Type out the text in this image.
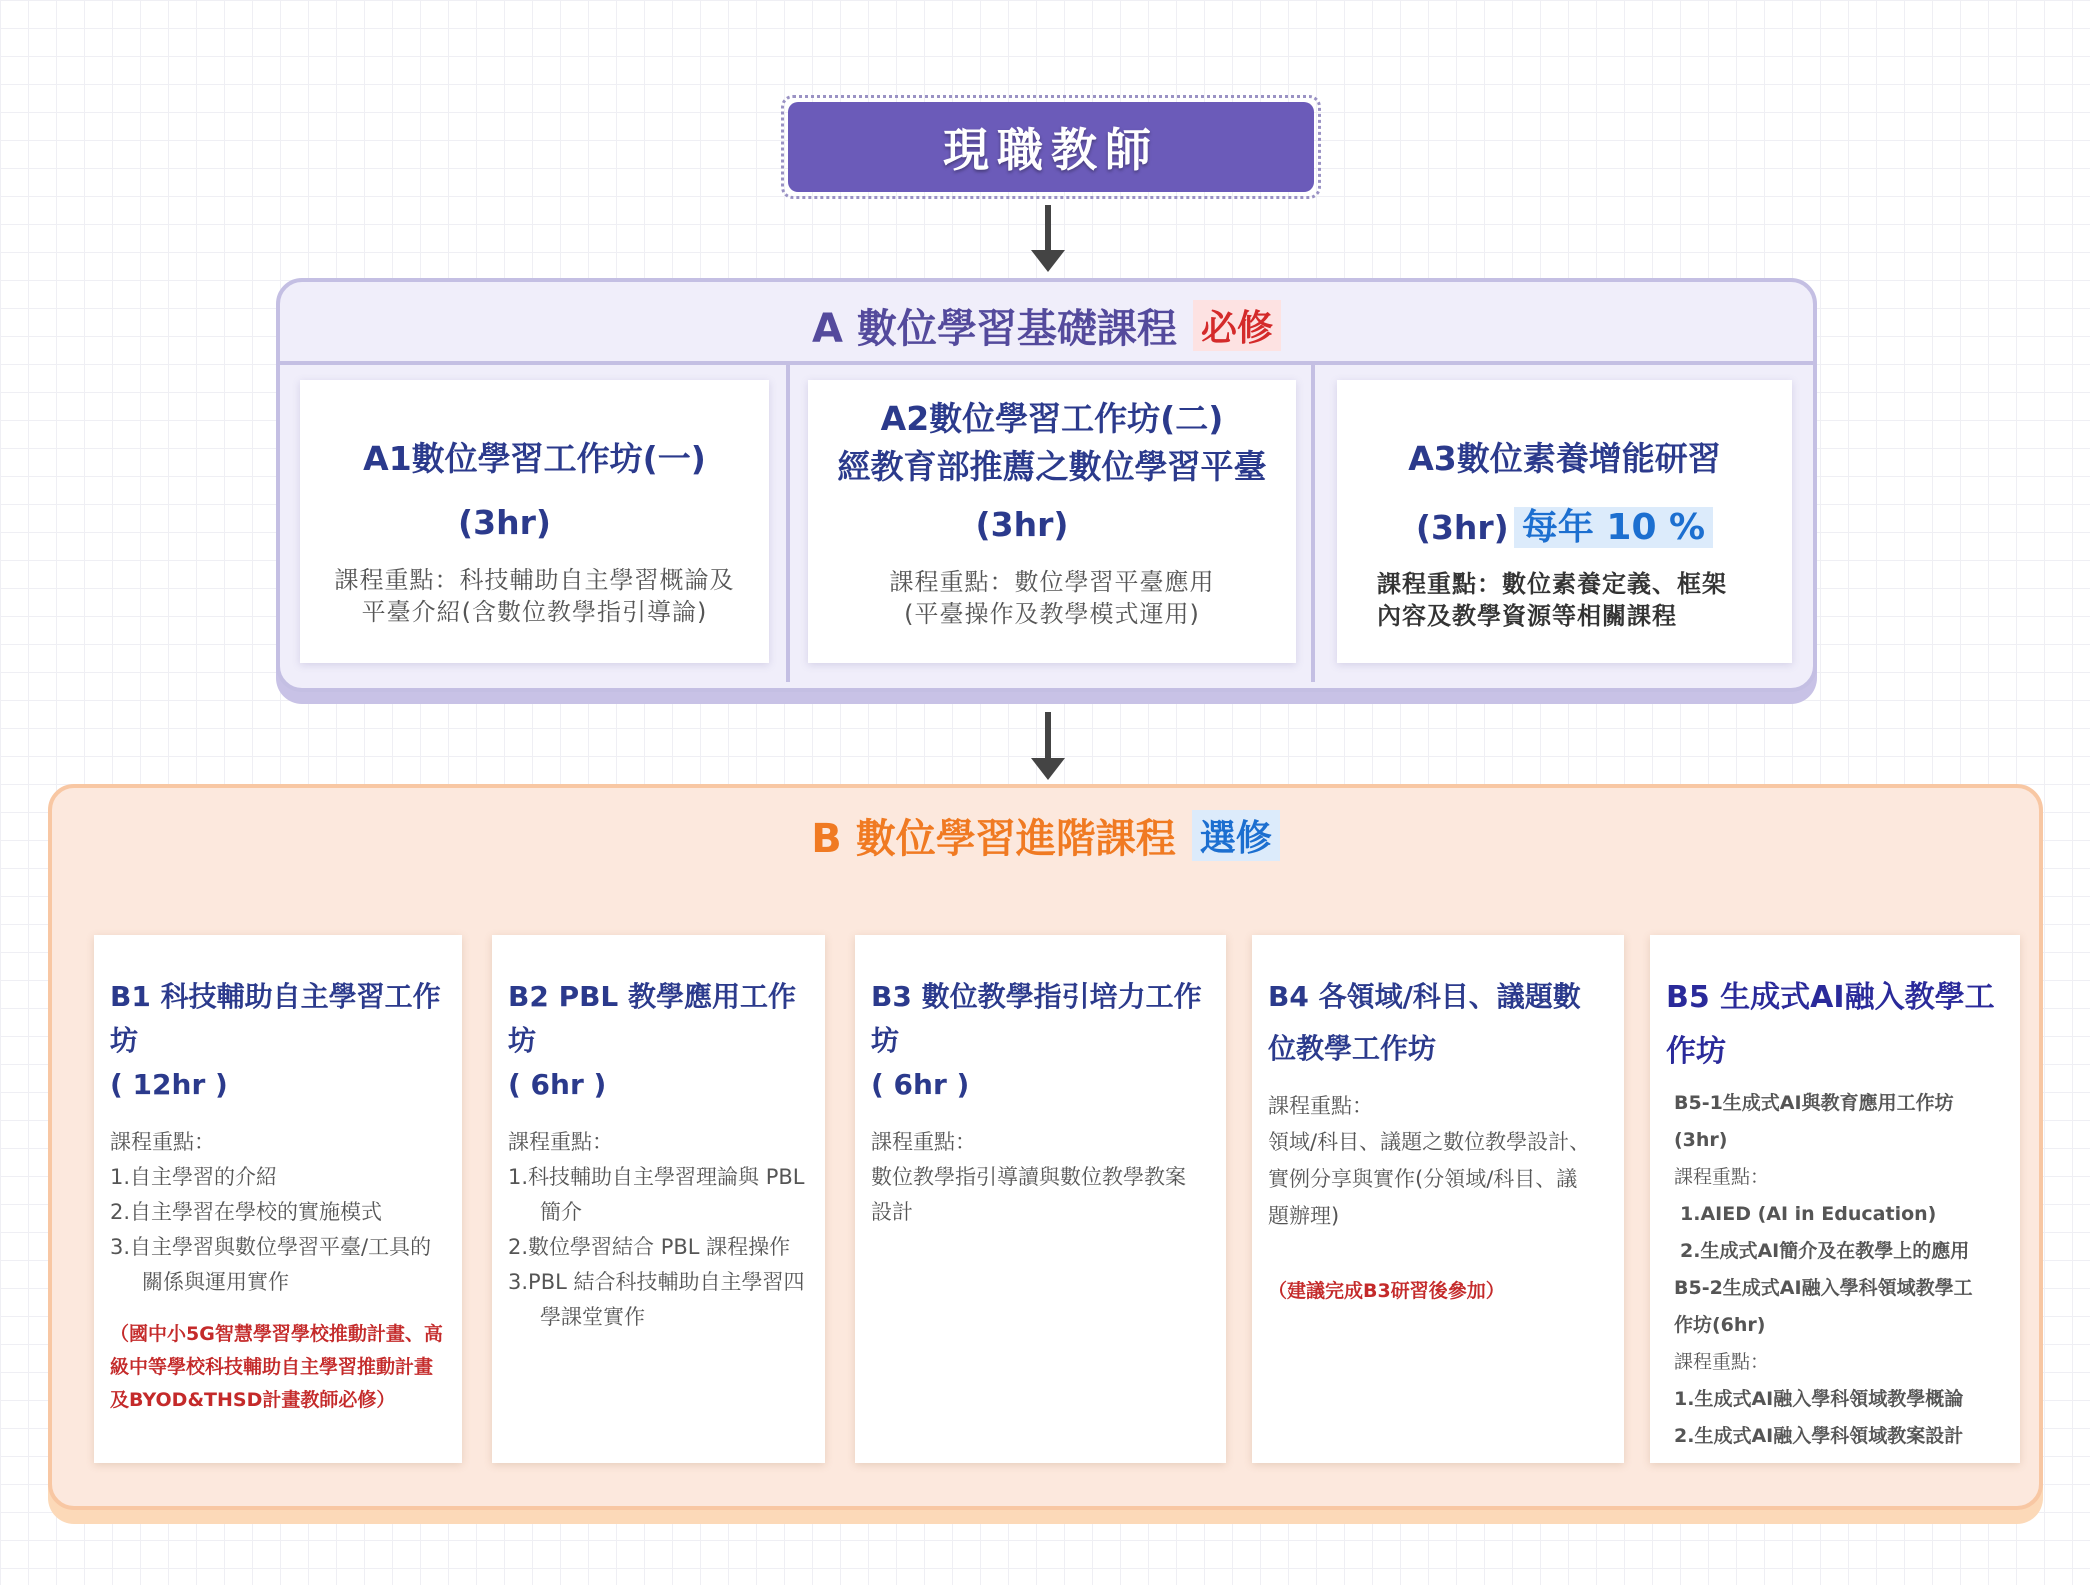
現職教師
A 數位學習基礎課程 必修
A1數位學習工作坊(一)
(3hr)
課程重點：科技輔助自主學習概論及
平臺介紹(含數位教學指引導論)
A2數位學習工作坊(二)
經教育部推薦之數位學習平臺
(3hr)
課程重點：數位學習平臺應用
(平臺操作及教學模式運用)
A3數位素養增能研習
(3hr) 每年 10 %
課程重點：數位素養定義、框架
內容及教學資源等相關課程
B 數位學習進階課程 選修
B1 科技輔助自主學習工作坊
( 12hr )
課程重點：
1.自主學習的介紹
2.自主學習在學校的實施模式
3.自主學習與數位學習平臺/工具的關係與運用實作
（國中小5G智慧學習學校推動計畫、高級中等學校科技輔助自主學習推動計畫及BYOD&THSD計畫教師必修）
B2 PBL 教學應用工作坊
( 6hr )
課程重點：
1.科技輔助自主學習理論與 PBL 簡介
2.數位學習結合 PBL 課程操作
3.PBL 結合科技輔助自主學習四學課堂實作
B3 數位教學指引培力工作坊
( 6hr )
課程重點：
數位教學指引導讀與數位教學教案
設計
B4 各領域/科目、議題數
位教學工作坊
課程重點：
領域/科目、議題之數位教學設計、
實例分享與實作(分領域/科目、議
題辦理)
（建議完成B3研習後參加）
B5 生成式AI融入教學工
作坊
B5-1生成式AI與教育應用工作坊
(3hr)
課程重點：
1.AIED (AI in Education)
2.生成式AI簡介及在教學上的應用
B5-2生成式AI融入學科領域教學工
作坊(6hr)
課程重點：
1.生成式AI融入學科領域教學概論
2.生成式AI融入學科領域教案設計
